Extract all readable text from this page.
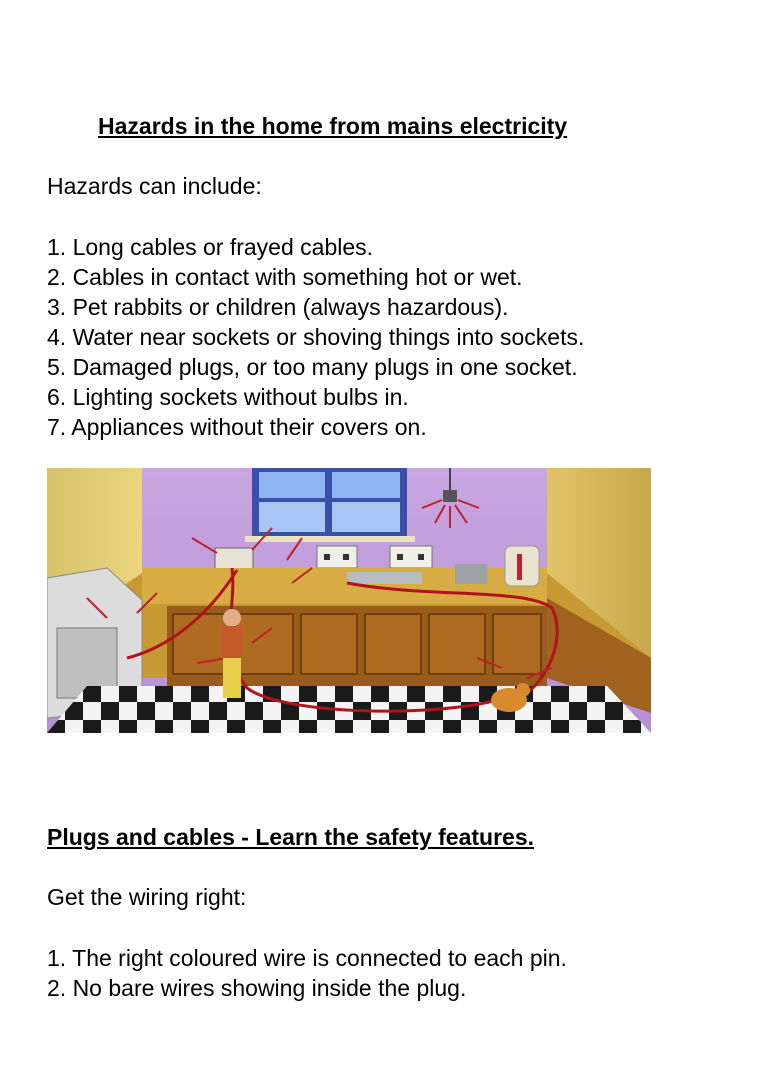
Hazards in the home from mains electricity
Hazards can include:
1. Long cables or frayed cables.
2. Cables in contact with something hot or wet.
3. Pet rabbits or children (always hazardous).
4. Water near sockets or shoving things into sockets.
5. Damaged plugs, or too many plugs in one socket.
6. Lighting sockets without bulbs in.
7. Appliances without their covers on.
Plugs and cables - Learn the safety features.
Get the wiring right:
1. The right coloured wire is connected to each pin.
2. No bare wires showing inside the plug.
